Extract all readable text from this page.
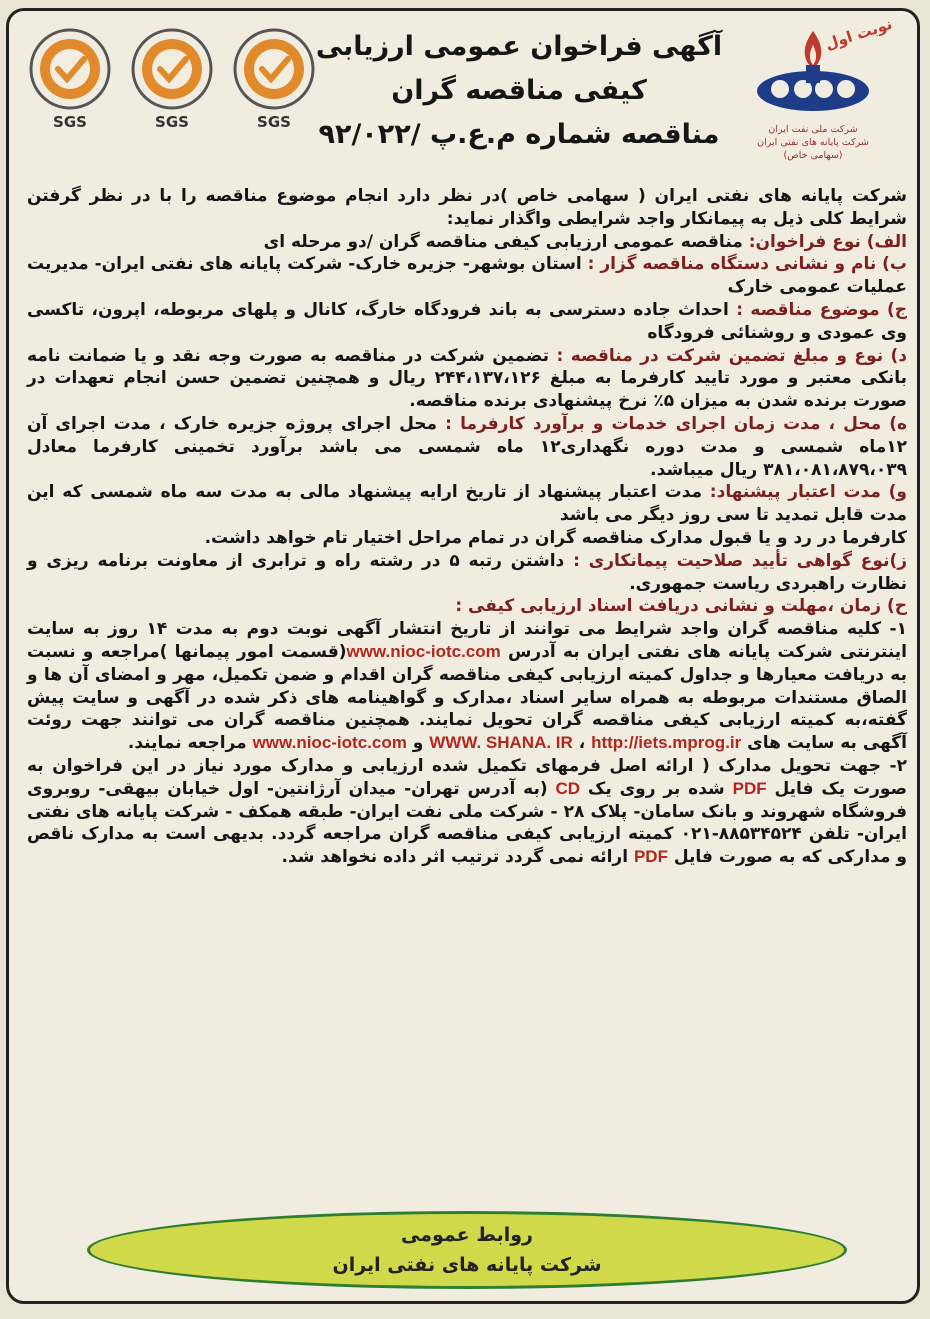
SGS	SGS	SGS
آگهی فراخوان عمومی ارزیابی
کیفی مناقصه گران
مناقصه شماره م.ع.پ /۹۲/۰۲۲
نوبت اول
شرکت ملی نفت ایران
شرکت پایانه های نفتی ایران
(سهامی خاص)

شرکت پایانه های نفتی ایران ( سهامی خاص )در نظر دارد انجام موضوع مناقصه را با در نظر گرفتن شرایط کلی ذیل به پیمانکار واجد شرایطی واگذار نماید:

الف) نوع فراخوان: مناقصه عمومی ارزیابی کیفی مناقصه گران /دو مرحله ای

ب) نام و نشانی دستگاه مناقصه گزار : استان بوشهر- جزیره خارک- شرکت پایانه های نفتی ایران- مدیریت عملیات عمومی خارک

ج) موضوع مناقصه : احداث جاده دسترسی به باند فرودگاه خارگ، کانال و پلهای مربوطه، اپرون، تاکسی وی عمودی و روشنائی فرودگاه

د) نوع و مبلغ تضمین شرکت در مناقصه : تضمین شرکت در مناقصه به صورت وجه نقد و یا ضمانت نامه بانکی معتبر و مورد تایید کارفرما به مبلغ ۲۴۴،۱۳۷،۱۲۶ ریال و همچنین تضمین حسن انجام تعهدات در صورت برنده شدن به میزان ۵٪ نرخ پیشنهادی برنده مناقصه.

ه) محل ، مدت زمان اجرای خدمات و برآورد کارفرما : محل اجرای پروژه جزیره خارک ، مدت اجرای آن ۱۲ماه شمسی و مدت دوره نگهداری۱۲ ماه شمسی می باشد برآورد تخمینی کارفرما معادل ۳۸۱،۰۸۱،۸۷۹،۰۳۹ ریال میباشد.

و) مدت اعتبار پیشنهاد: مدت اعتبار پیشنهاد از تاریخ ارایه پیشنهاد مالی به مدت سه ماه شمسی که این مدت قابل تمدید تا سی روز دیگر می باشد

کارفرما در رد و یا قبول مدارک مناقصه گران در تمام مراحل اختیار تام خواهد داشت.

ز)نوع گواهی تأیید صلاحیت پیمانکاری : داشتن رتبه ۵ در رشته راه و ترابری از معاونت برنامه ریزی و نظارت راهبردی ریاست جمهوری.

ح) زمان ،مهلت و نشانی دریافت اسناد ارزیابی کیفی :

۱- کلیه مناقصه گران واجد شرایط می توانند از تاریخ انتشار آگهی نوبت دوم به مدت ۱۴ روز به سایت اینترنتی شرکت پایانه های نفتی ایران به آدرس www.nioc-iotc.com(قسمت امور پیمانها )مراجعه و نسبت به دریافت معیارها و جداول کمیته ارزیابی کیفی مناقصه گران اقدام و ضمن تکمیل، مهر و امضای آن ها و الصاق مستندات مربوطه به همراه سایر اسناد ،مدارک و گواهینامه های ذکر شده در آگهی و سایت پیش گفته،به کمیته ارزیابی کیفی مناقصه گران تحویل نمایند. همچنین مناقصه گران می توانند جهت روئت آگهی به سایت های WWW. SHANA. IR ، http://iets.mprog.ir و www.nioc-iotc.com مراجعه نمایند.

۲- جهت تحویل مدارک ( ارائه اصل فرمهای تکمیل شده ارزیابی و مدارک مورد نیاز در این فراخوان به صورت یک فایل PDF شده بر روی یک CD (به آدرس تهران- میدان آرژانتین- اول خیابان بیهقی- روبروی فروشگاه شهروند و بانک سامان- پلاک ۲۸ - شرکت ملی نفت ایران- طبقه همکف - شرکت پایانه های نفتی ایران- تلفن ۸۸۵۳۴۵۲۴-۰۲۱ کمیته ارزیابی کیفی مناقصه گران مراجعه گردد. بدیهی است به مدارک ناقص و مدارکی که به صورت فایل PDF ارائه نمی گردد ترتیب اثر داده نخواهد شد.

روابط عمومی
شرکت پایانه های نفتی ایران
